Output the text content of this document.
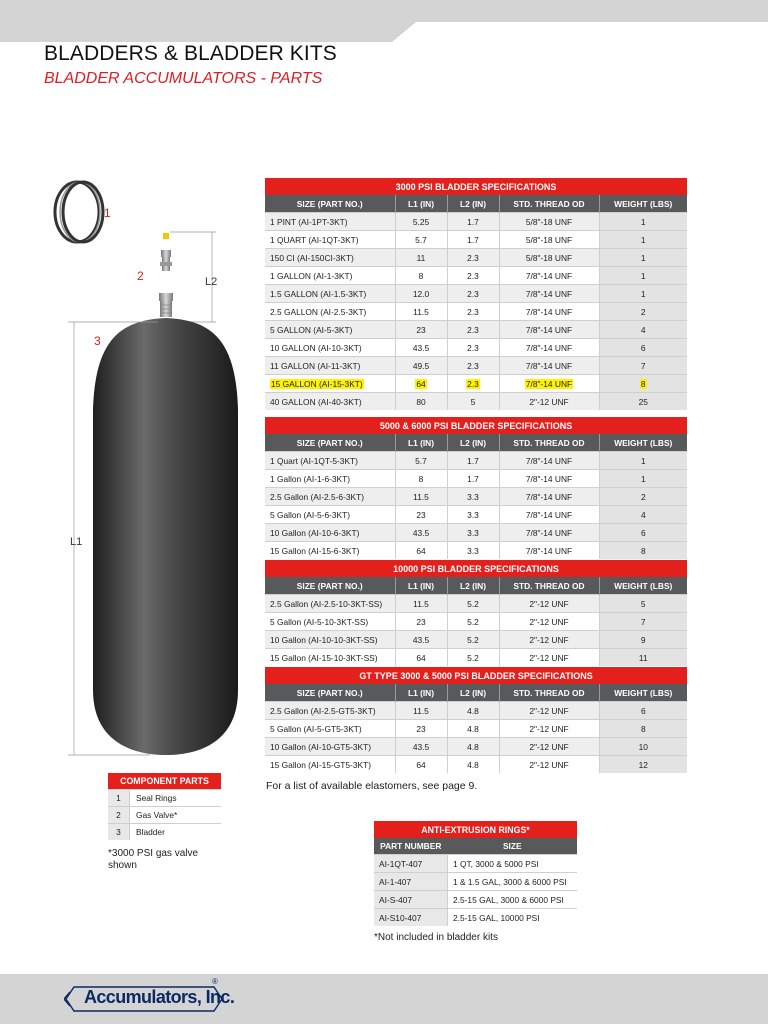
BLADDERS & BLADDER KITS
BLADDER ACCUMULATORS - PARTS
1
2	L2
L1
3
3000 PSI BLADDER SPECIFICATIONS				
SIZE (PART NO.)	L1 (IN)	L2 (IN)	STD. THREAD OD	WEIGHT (LBS)
1 PINT (AI-1PT-3KT)	5.25	1.7	5/8"-18 UNF	1
1 QUART (AI-1QT-3KT)	5.7	1.7	5/8"-18 UNF	1
150 CI (AI-150CI-3KT)	11	2.3	5/8"-18 UNF	1
1 GALLON (AI-1-3KT)	8	2.3	7/8"-14 UNF	1
1.5 GALLON (AI-1.5-3KT)	12.0	2.3	7/8"-14 UNF	1
2.5 GALLON (AI-2.5-3KT)	11.5	2.3	7/8"-14 UNF	2
5 GALLON (AI-5-3KT)	23	2.3	7/8"-14 UNF	4
10 GALLON (AI-10-3KT)	43.5	2.3	7/8"-14 UNF	6
11 GALLON (AI-11-3KT)	49.5	2.3	7/8"-14 UNF	7
15 GALLON (AI-15-3KT)	64	2.3	7/8"-14 UNF	8
40 GALLON (AI-40-3KT)	80	5	2"-12 UNF	25
5000 & 6000 PSI BLADDER SPECIFICATIONS				
SIZE (PART NO.)	L1 (IN)	L2 (IN)	STD. THREAD OD	WEIGHT (LBS)
1 Quart (AI-1QT-5-3KT)	5.7	1.7	7/8"-14 UNF	1
1 Gallon (AI-1-6-3KT)	8	1.7	7/8"-14 UNF	1
2.5 Gallon (AI-2.5-6-3KT)	11.5	3.3	7/8"-14 UNF	2
5 Gallon (AI-5-6-3KT)	23	3.3	7/8"-14 UNF	4
10 Gallon (AI-10-6-3KT)	43.5	3.3	7/8"-14 UNF	6
15 Gallon (AI-15-6-3KT)	64	3.3	7/8"-14 UNF	8
10000 PSI BLADDER SPECIFICATIONS				
SIZE (PART NO.)	L1 (IN)	L2 (IN)	STD. THREAD OD	WEIGHT (LBS)
2.5 Gallon (AI-2.5-10-3KT-SS)	11.5	5.2	2"-12 UNF	5
5 Gallon (AI-5-10-3KT-SS)	23	5.2	2"-12 UNF	7
10 Gallon (AI-10-10-3KT-SS)	43.5	5.2	2"-12 UNF	9
15 Gallon (AI-15-10-3KT-SS)	64	5.2	2"-12 UNF	11
GT TYPE 3000 & 5000 PSI BLADDER SPECIFICATIONS				
SIZE (PART NO.)	L1 (IN)	L2 (IN)	STD. THREAD OD	WEIGHT (LBS)
2.5 Gallon (AI-2.5-GT5-3KT)	11.5	4.8	2"-12 UNF	6
5 Gallon (AI-5-GT5-3KT)	23	4.8	2"-12 UNF	8
10 Gallon (AI-10-GT5-3KT)	43.5	4.8	2"-12 UNF	10
15 Gallon (AI-15-GT5-3KT)	64	4.8	2"-12 UNF	12
For a list of available elastomers, see page 9.
COMPONENT PARTS	
1	Seal Rings
2	Gas Valve*
3	Bladder
*3000 PSI gas valve shown
ANTI-EXTRUSION RINGS*	
PART NUMBER	SIZE
AI-1QT-407	1 QT, 3000 & 5000 PSI
AI-1-407	1 & 1.5 GAL, 3000 & 6000 PSI
AI-S-407	2.5-15 GAL, 3000 & 6000 PSI
AI-S10-407	2.5-15 GAL, 10000 PSI
*Not included in bladder kits
Accumulators, Inc.
®
